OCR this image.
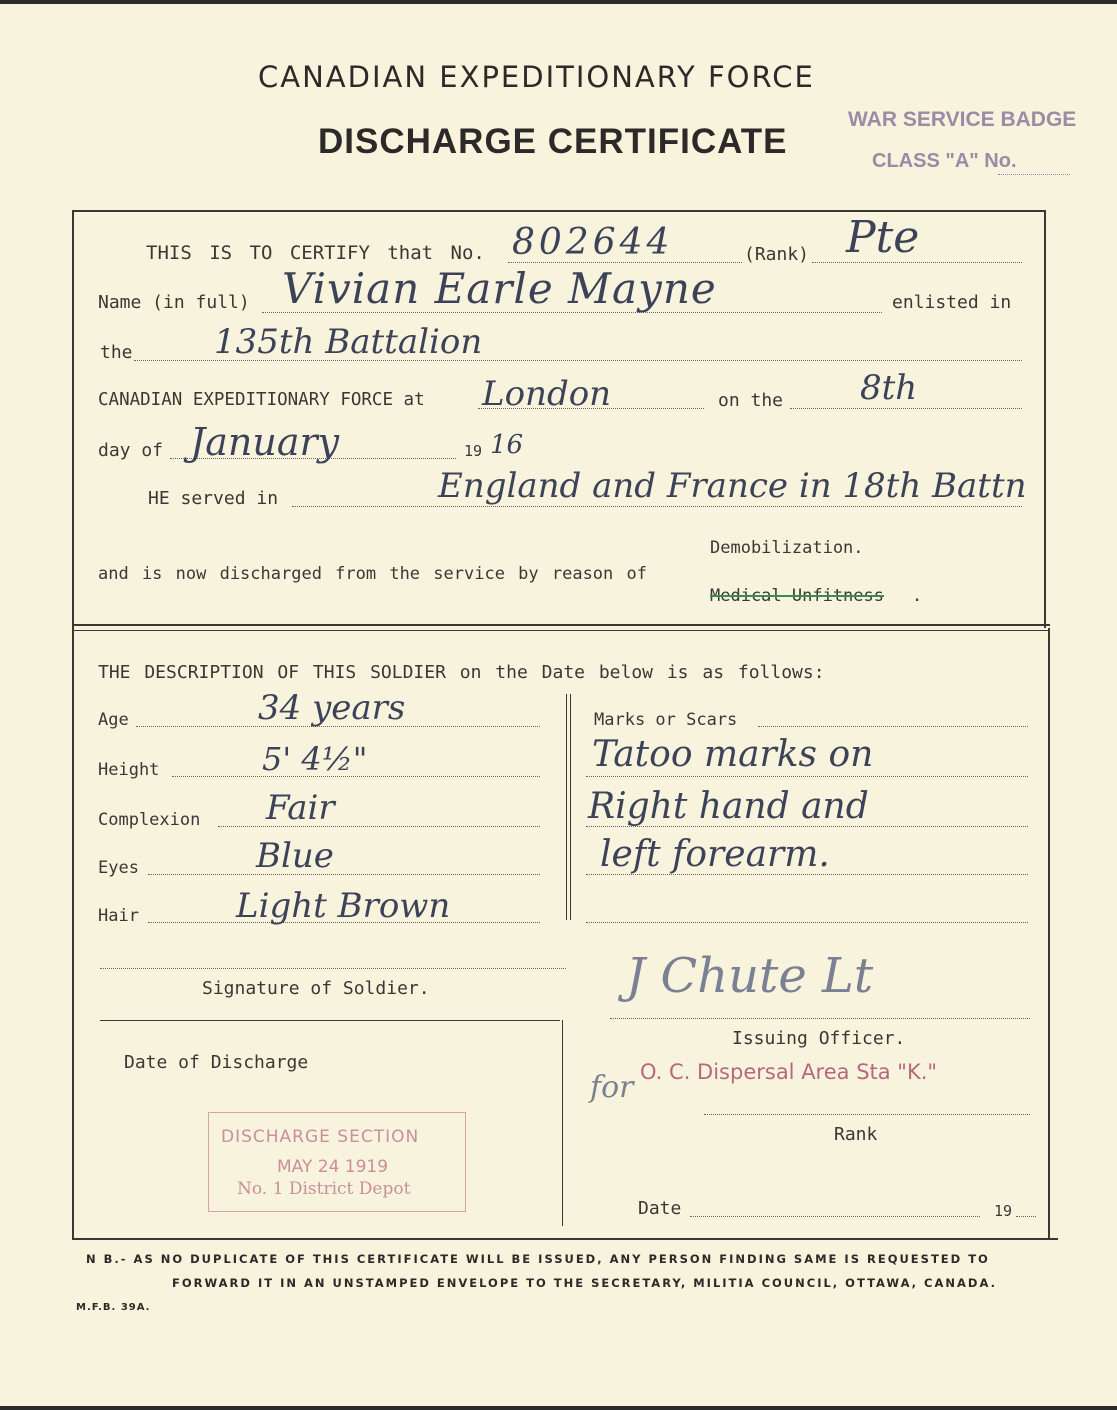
CANADIAN EXPEDITIONARY FORCE
DISCHARGE CERTIFICATE
WAR SERVICE BADGE
CLASS "A" No.
THIS IS TO CERTIFY that No. 802644	(Rank) Pte
Name (in full) Vivian Earle Mayne	enlisted in
the 135th Battalion
CANADIAN EXPEDITIONARY FORCE at London	on the 8th
day of January	19 16
HE served in	England and France in 18th Battn
Demobilization.
and is now discharged from the service by reason of
Medical Unfitness .
THE DESCRIPTION OF THIS SOLDIER on the Date below is as follows:
Age	34 years
Height	5' 4½"
Complexion Fair
Eyes	Blue
Hair	Light Brown
Marks or Scars
Tatoo marks on
Right hand and
left forearm.
Signature of Soldier.	J Chute Lt
Issuing Officer.
Date of Discharge
DISCHARGE SECTION
MAY 24 1919
No. 1 District Depot
for O. C. Dispersal Area Sta "K."
Rank
Date	19
N B.- AS NO DUPLICATE OF THIS CERTIFICATE WILL BE ISSUED, ANY PERSON FINDING SAME IS REQUESTED TO
FORWARD IT IN AN UNSTAMPED ENVELOPE TO THE SECRETARY, MILITIA COUNCIL, OTTAWA, CANADA.
M.F.B. 39A.
